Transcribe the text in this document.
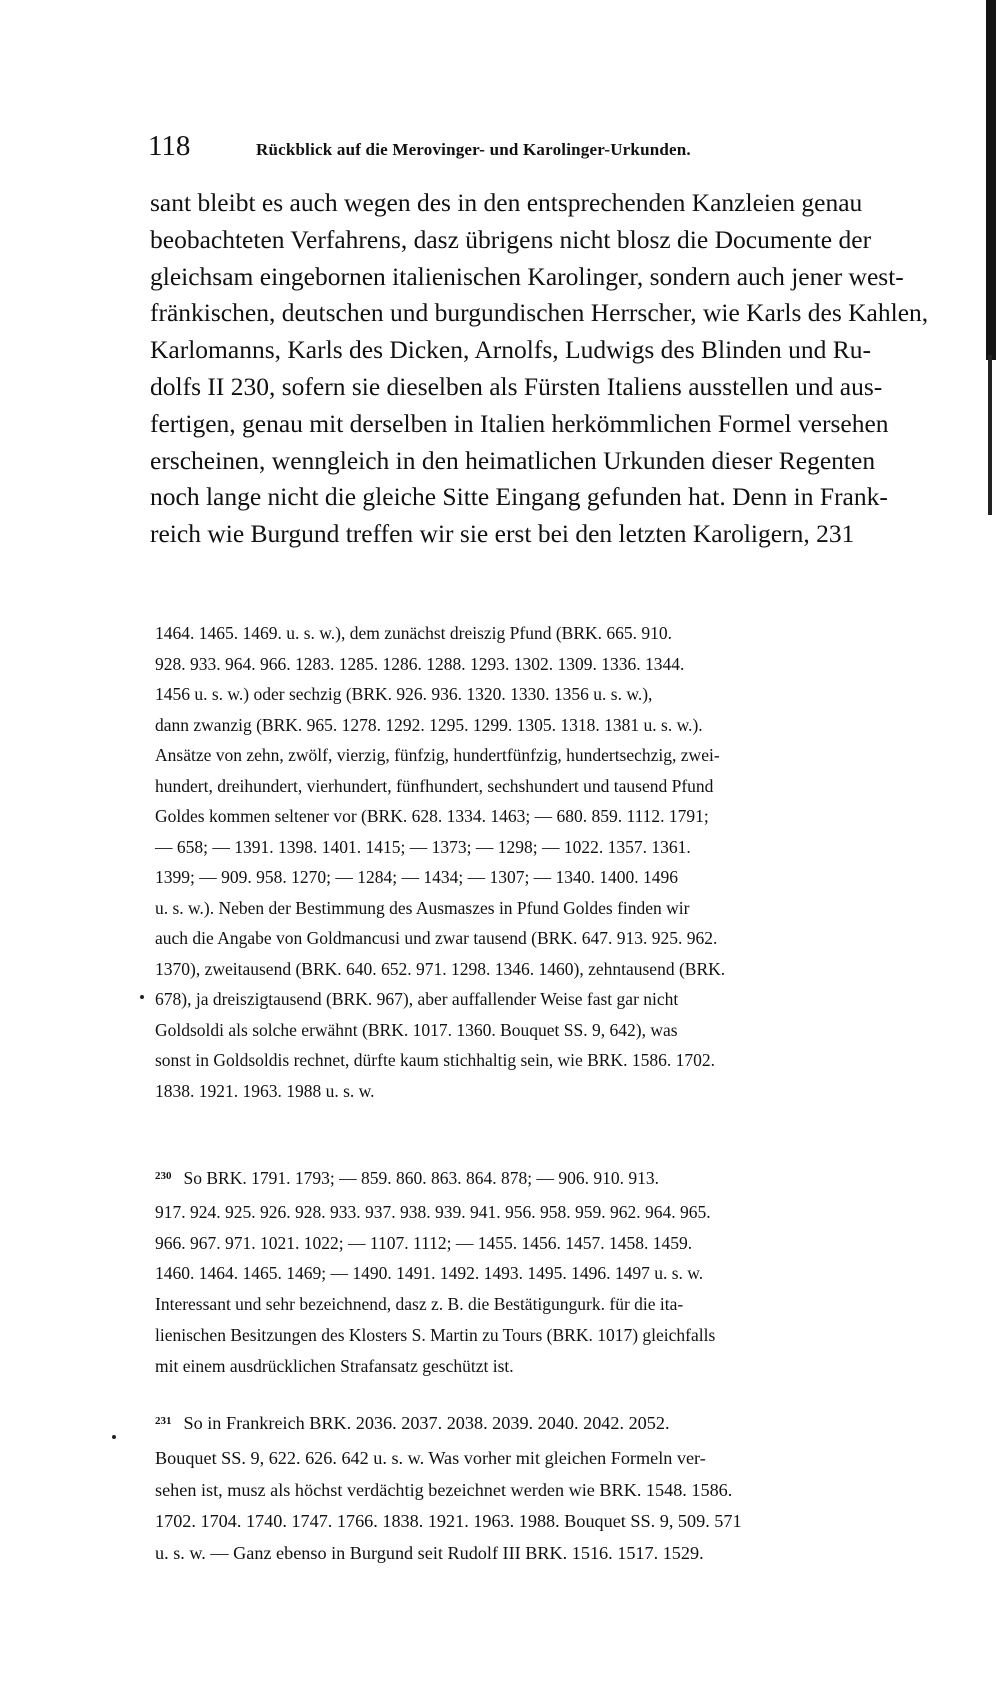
118	Rückblick auf die Merovinger- und Karolinger-Urkunden.
sant bleibt es auch wegen des in den entsprechenden Kanzleien genau
beobachteten Verfahrens, dasz übrigens nicht blosz die Documente der
gleichsam eingebornen italienischen Karolinger, sondern auch jener west-
fränkischen, deutschen und burgundischen Herrscher, wie Karls des Kahlen,
Karlomanns, Karls des Dicken, Arnolfs, Ludwigs des Blinden und Ru-
dolfs II 230, sofern sie dieselben als Fürsten Italiens ausstellen und aus-
fertigen, genau mit derselben in Italien herkömmlichen Formel versehen
erscheinen, wenngleich in den heimatlichen Urkunden dieser Regenten
noch lange nicht die gleiche Sitte Eingang gefunden hat. Denn in Frank-
reich wie Burgund treffen wir sie erst bei den letzten Karoligern, 231
1464. 1465. 1469. u. s. w.), dem zunächst dreiszig Pfund (BRK. 665. 910.
928. 933. 964. 966. 1283. 1285. 1286. 1288. 1293. 1302. 1309. 1336. 1344.
1456 u. s. w.) oder sechzig (BRK. 926. 936. 1320. 1330. 1356 u. s. w.),
dann zwanzig (BRK. 965. 1278. 1292. 1295. 1299. 1305. 1318. 1381 u. s. w.).
Ansätze von zehn, zwölf, vierzig, fünfzig, hundertfünfzig, hundertsechzig, zwei-
hundert, dreihundert, vierhundert, fünfhundert, sechshundert und tausend Pfund
Goldes kommen seltener vor (BRK. 628. 1334. 1463; — 680. 859. 1112. 1791;
— 658; — 1391. 1398. 1401. 1415; — 1373; — 1298; — 1022. 1357. 1361.
1399; — 909. 958. 1270; — 1284; — 1434; — 1307; — 1340. 1400. 1496
u. s. w.). Neben der Bestimmung des Ausmaszes in Pfund Goldes finden wir
auch die Angabe von Goldmancusi und zwar tausend (BRK. 647. 913. 925. 962.
1370), zweitausend (BRK. 640. 652. 971. 1298. 1346. 1460), zehntausend (BRK.
678), ja dreiszigtausend (BRK. 967), aber auffallender Weise fast gar nicht
Goldsoldi als solche erwähnt (BRK. 1017. 1360. Bouquet SS. 9, 642), was
sonst in Goldsoldis rechnet, dürfte kaum stichhaltig sein, wie BRK. 1586. 1702.
1838. 1921. 1963. 1988 u. s. w.
$^{230}$ So BRK. 1791. 1793; — 859. 860. 863. 864. 878; — 906. 910. 913.
917. 924. 925. 926. 928. 933. 937. 938. 939. 941. 956. 958. 959. 962. 964. 965.
966. 967. 971. 1021. 1022; — 1107. 1112; — 1455. 1456. 1457. 1458. 1459.
1460. 1464. 1465. 1469; — 1490. 1491. 1492. 1493. 1495. 1496. 1497 u. s. w.
Interessant und sehr bezeichnend, dasz z. B. die Bestätigungurk. für die ita-
lienischen Besitzungen des Klosters S. Martin zu Tours (BRK. 1017) gleichfalls
mit einem ausdrücklichen Strafansatz geschützt ist.
$^{231}$ So in Frankreich BRK. 2036. 2037. 2038. 2039. 2040. 2042. 2052.
Bouquet SS. 9, 622. 626. 642 u. s. w. Was vorher mit gleichen Formeln ver-
sehen ist, musz als höchst verdächtig bezeichnet werden wie BRK. 1548. 1586.
1702. 1704. 1740. 1747. 1766. 1838. 1921. 1963. 1988. Bouquet SS. 9, 509. 571
u. s. w. — Ganz ebenso in Burgund seit Rudolf III BRK. 1516. 1517. 1529.
